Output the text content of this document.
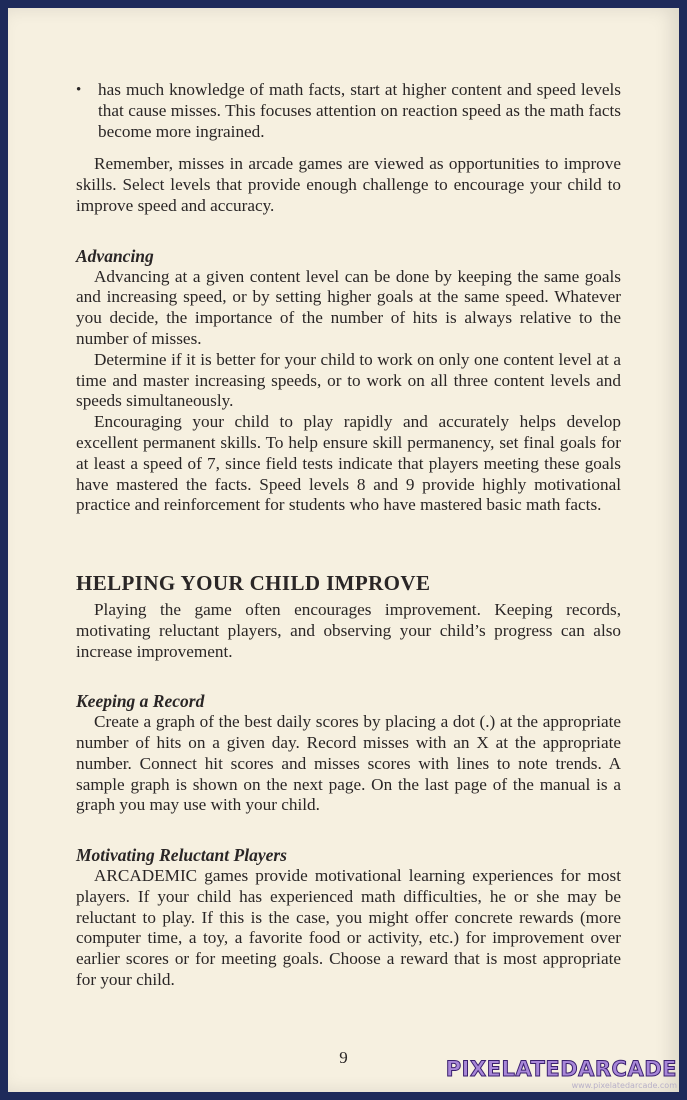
• has much knowledge of math facts, start at higher content and speed levels that cause misses. This focuses attention on reaction speed as the math facts become more ingrained.

Remember, misses in arcade games are viewed as opportunities to improve skills. Select levels that provide enough challenge to encourage your child to improve speed and accuracy.

Advancing

Advancing at a given content level can be done by keeping the same goals and increasing speed, or by setting higher goals at the same speed. Whatever you decide, the importance of the number of hits is always relative to the number of misses.

Determine if it is better for your child to work on only one content level at a time and master increasing speeds, or to work on all three content levels and speeds simultaneously.

Encouraging your child to play rapidly and accurately helps develop excellent permanent skills. To help ensure skill permanency, set final goals for at least a speed of 7, since field tests indicate that players meeting these goals have mastered the facts. Speed levels 8 and 9 provide highly motivational practice and reinforcement for students who have mastered basic math facts.

HELPING YOUR CHILD IMPROVE

Playing the game often encourages improvement. Keeping records, motivating reluctant players, and observing your child’s progress can also increase improvement.

Keeping a Record

Create a graph of the best daily scores by placing a dot (.) at the appropriate number of hits on a given day. Record misses with an X at the appropriate number. Connect hit scores and misses scores with lines to note trends. A sample graph is shown on the next page. On the last page of the manual is a graph you may use with your child.

Motivating Reluctant Players

ARCADEMIC games provide motivational learning experiences for most players. If your child has experienced math difficulties, he or she may be reluctant to play. If this is the case, you might offer concrete rewards (more computer time, a toy, a favorite food or activity, etc.) for improvement over earlier scores or for meeting goals. Choose a reward that is most appropriate for your child.

9	PIXELATEDARCADE
www.pixelatedarcade.com
